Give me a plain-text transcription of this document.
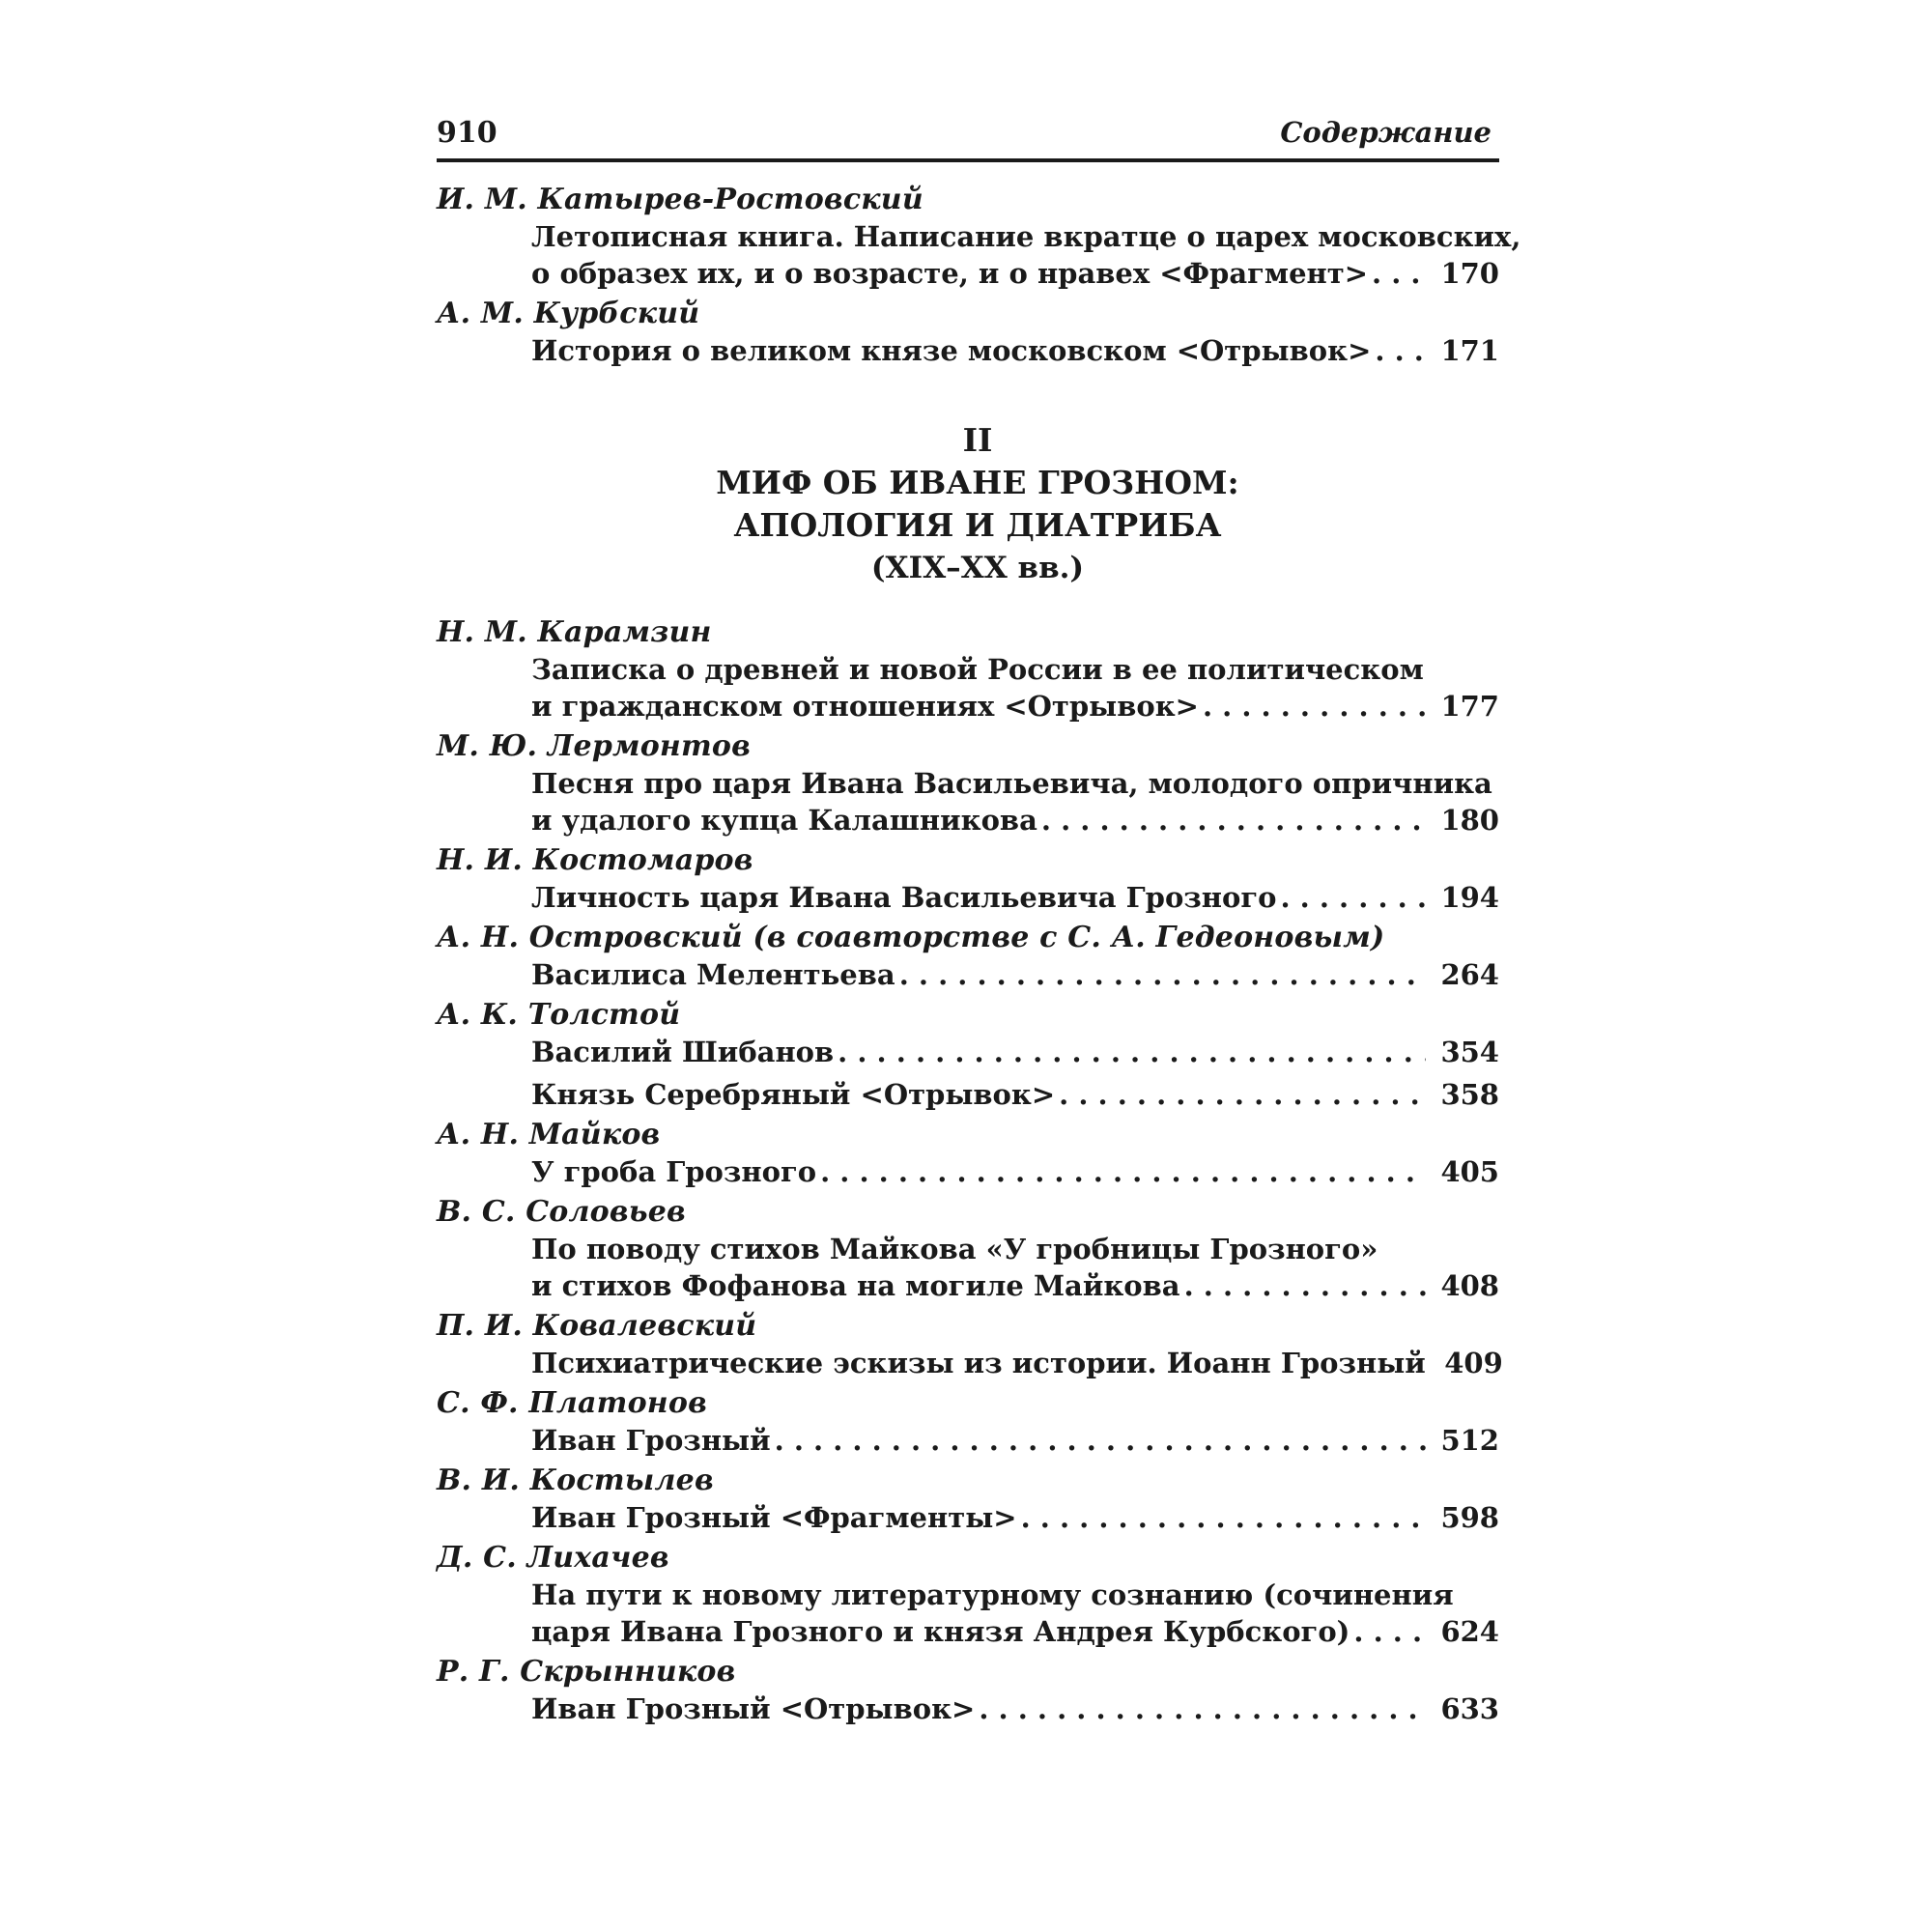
910	Содержание
И. М. Катырев-Ростовский
Летописная книга. Написание вкратце о царех московских,
о образех их, и о возрасте, и о нравех <Фрагмент> . . .	170
А. М. Курбский
История о великом князе московском <Отрывок> . . . 171
II
МИФ ОБ ИВАНЕ ГРОЗНОМ:
АПОЛОГИЯ И ДИАТРИБА
(XIX–XX вв.)
Н. М. Карамзин
Записка о древней и новой России в ее политическом
и гражданском отношениях <Отрывок> . . .	177
М. Ю. Лермонтов
Песня про царя Ивана Васильевича, молодого опричника
и удалого купца Калашникова . . .	180
Н. И. Костомаров
Личность царя Ивана Васильевича Грозного . . .	194
А. Н. Островский (в соавторстве с С. А. Гедеоновым)
Василиса Мелентьева . . .	264
А. К. Толстой
Василий Шибанов . . .	354
Князь Серебряный <Отрывок> . . .	358
А. Н. Майков
У гроба Грозного . . .	405
В. С. Соловьев
По поводу стихов Майкова «У гробницы Грозного»
и стихов Фофанова на могиле Майкова . . .	408
П. И. Ковалевский
Психиатрические эскизы из истории. Иоанн Грозный 409
С. Ф. Платонов
Иван Грозный . . .	512
В. И. Костылев
Иван Грозный <Фрагменты> . . .	598
Д. С. Лихачев
На пути к новому литературному сознанию (сочинения
царя Ивана Грозного и князя Андрея Курбского) . . .	624
Р. Г. Скрынников
Иван Грозный <Отрывок> . . .	633
